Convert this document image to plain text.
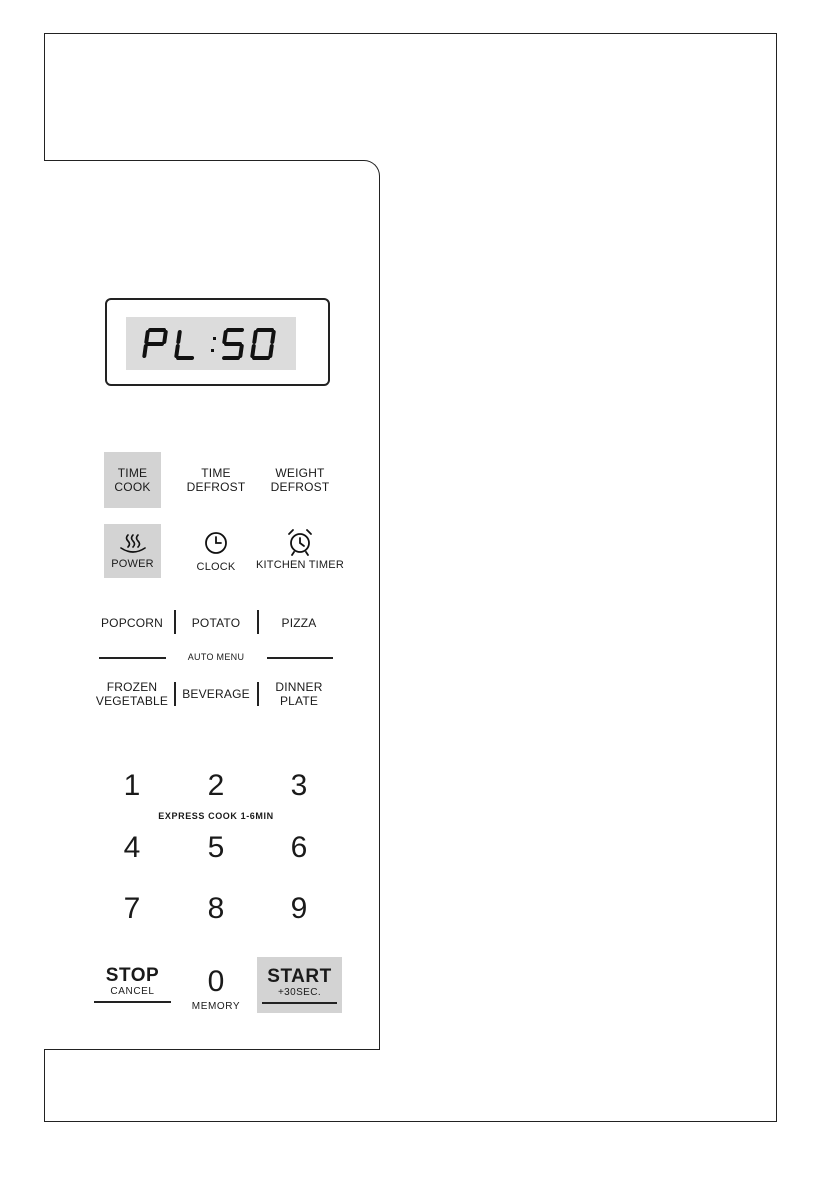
TIME
COOK
TIME
DEFROST
WEIGHT
DEFROST
POWER	CLOCK	KITCHEN TIMER
POPCORN	POTATO	PIZZA
AUTO MENU
FROZEN
VEGETABLE	BEVERAGE	DINNER
PLATE
1	2	3
EXPRESS COOK 1-6MIN
4	5	6
7	8	9
STOP
CANCEL	0
MEMORY
START
+30SEC.
